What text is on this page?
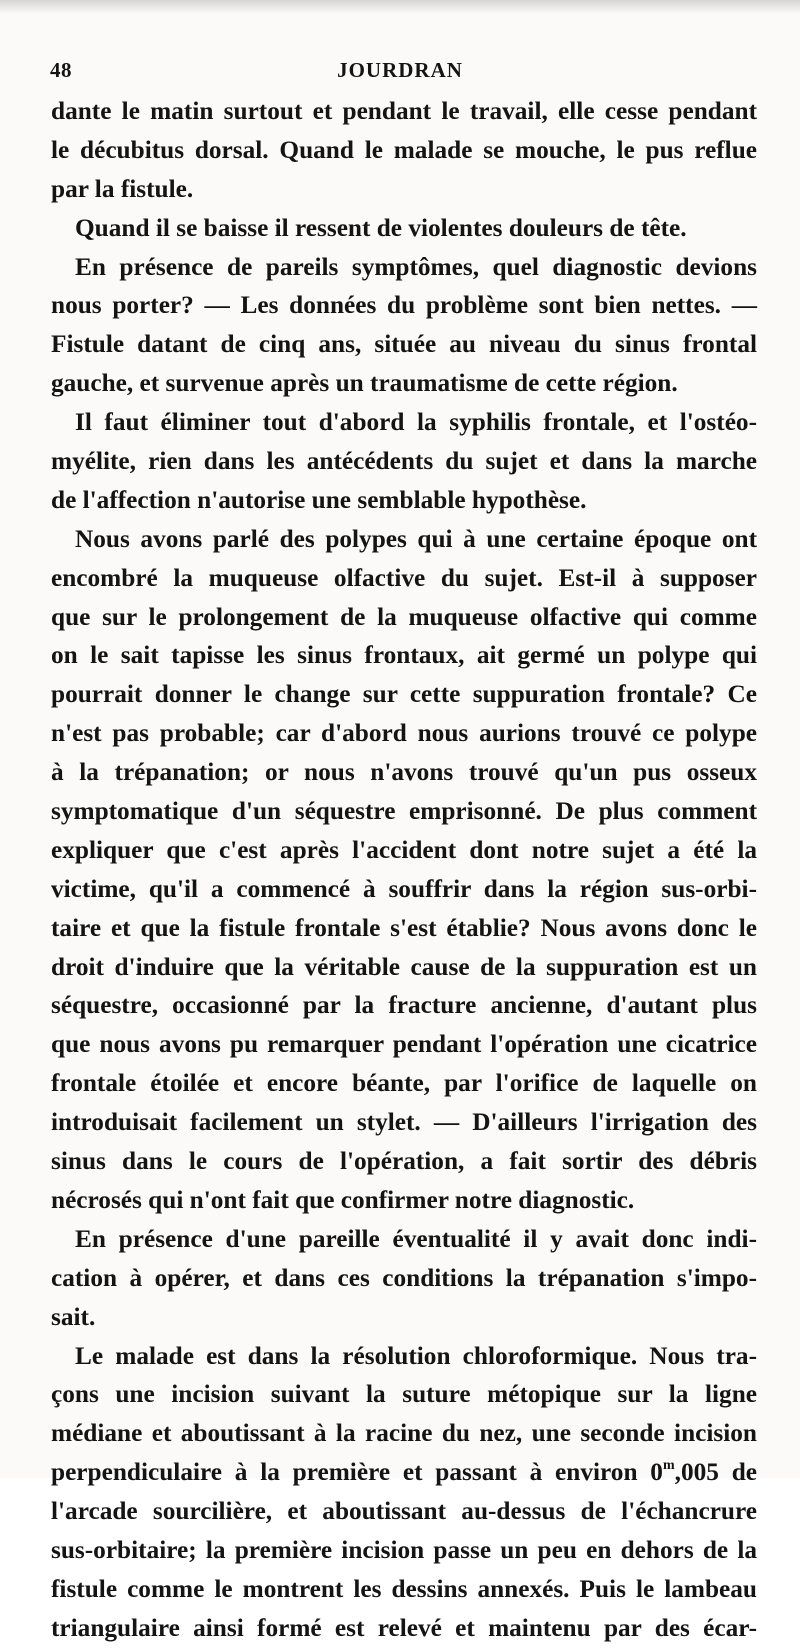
48	JOURDRAN
dante le matin surtout et pendant le travail, elle cesse pendant
le décubitus dorsal. Quand le malade se mouche, le pus reflue
par la fistule.
Quand il se baisse il ressent de violentes douleurs de tête.
En présence de pareils symptômes, quel diagnostic devions
nous porter? — Les données du problème sont bien nettes. —
Fistule datant de cinq ans, située au niveau du sinus frontal
gauche, et survenue après un traumatisme de cette région.
Il faut éliminer tout d'abord la syphilis frontale, et l'ostéo-
myélite, rien dans les antécédents du sujet et dans la marche
de l'affection n'autorise une semblable hypothèse.
Nous avons parlé des polypes qui à une certaine époque ont
encombré la muqueuse olfactive du sujet. Est-il à supposer
que sur le prolongement de la muqueuse olfactive qui comme
on le sait tapisse les sinus frontaux, ait germé un polype qui
pourrait donner le change sur cette suppuration frontale? Ce
n'est pas probable; car d'abord nous aurions trouvé ce polype
à la trépanation; or nous n'avons trouvé qu'un pus osseux
symptomatique d'un séquestre emprisonné. De plus comment
expliquer que c'est après l'accident dont notre sujet a été la
victime, qu'il a commencé à souffrir dans la région sus-orbi-
taire et que la fistule frontale s'est établie? Nous avons donc le
droit d'induire que la véritable cause de la suppuration est un
séquestre, occasionné par la fracture ancienne, d'autant plus
que nous avons pu remarquer pendant l'opération une cicatrice
frontale étoilée et encore béante, par l'orifice de laquelle on
introduisait facilement un stylet. — D'ailleurs l'irrigation des
sinus dans le cours de l'opération, a fait sortir des débris
nécrosés qui n'ont fait que confirmer notre diagnostic.
En présence d'une pareille éventualité il y avait donc indi-
cation à opérer, et dans ces conditions la trépanation s'impo-
sait.
Le malade est dans la résolution chloroformique. Nous tra-
çons une incision suivant la suture métopique sur la ligne
médiane et aboutissant à la racine du nez, une seconde incision
perpendiculaire à la première et passant à environ 0$^m$,005 de
l'arcade sourcilière, et aboutissant au-dessus de l'échancrure
sus-orbitaire; la première incision passe un peu en dehors de la
fistule comme le montrent les dessins annexés. Puis le lambeau
triangulaire ainsi formé est relevé et maintenu par des écar-
